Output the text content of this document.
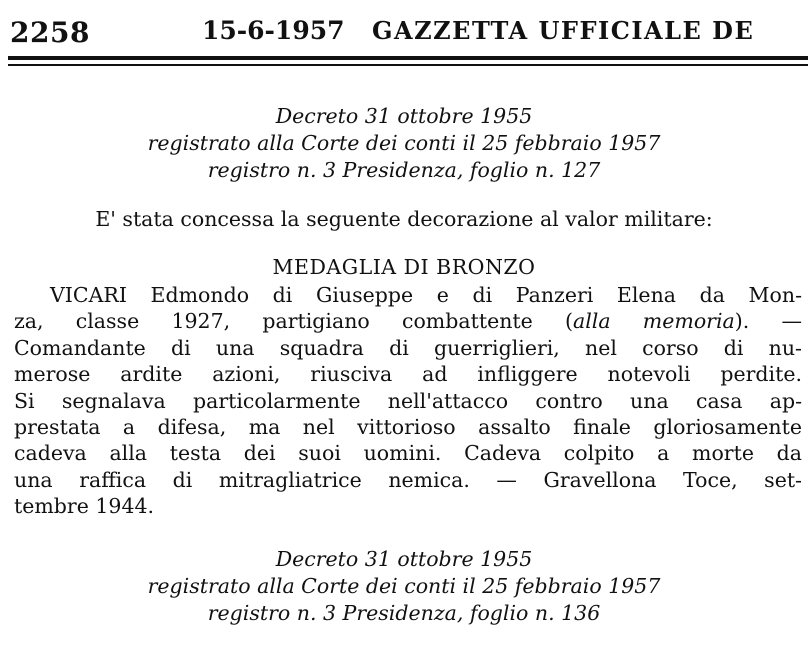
2258	15-6-1957 GAZZETTA UFFICIALE DE
Decreto 31 ottobre 1955
registrato alla Corte dei conti il 25 febbraio 1957
registro n. 3 Presidenza, foglio n. 127
E' stata concessa la seguente decorazione al valor militare:
MEDAGLIA DI BRONZO
VICARI Edmondo di Giuseppe e di Panzeri Elena da Mon-
za, classe 1927, partigiano combattente (alla memoria). —
Comandante di una squadra di guerriglieri, nel corso di nu-
merose ardite azioni, riusciva ad infliggere notevoli perdite.
Si segnalava particolarmente nell'attacco contro una casa ap-
prestata a difesa, ma nel vittorioso assalto finale gloriosamente
cadeva alla testa dei suoi uomini. Cadeva colpito a morte da
una raffica di mitragliatrice nemica. — Gravellona Toce, set-
tembre 1944.
Decreto 31 ottobre 1955
registrato alla Corte dei conti il 25 febbraio 1957
registro n. 3 Presidenza, foglio n. 136
